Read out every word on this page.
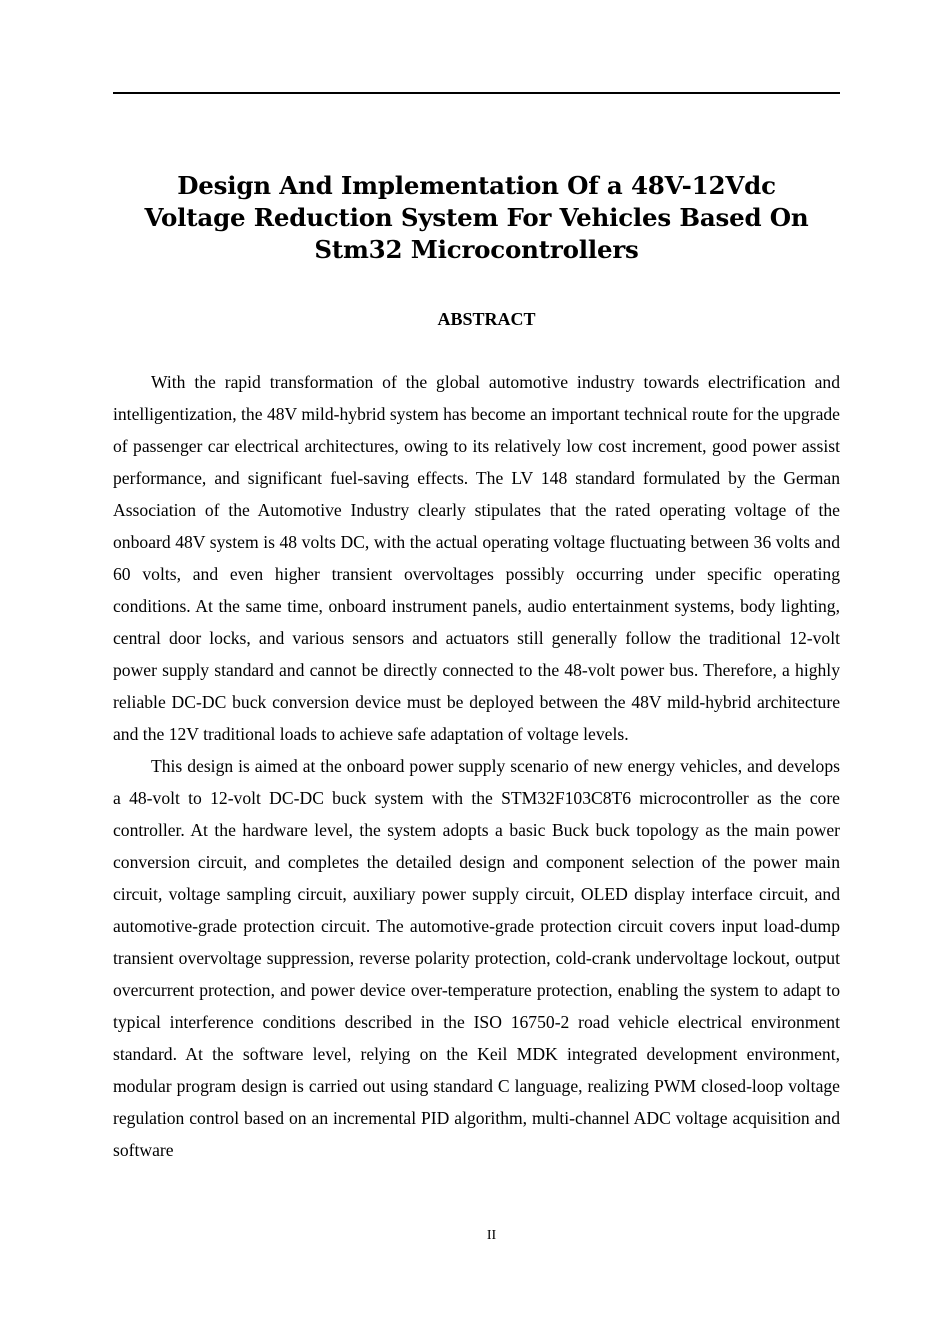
Design And Implementation Of a 48V-12Vdc Voltage Reduction System For Vehicles Based On Stm32 Microcontrollers
ABSTRACT

With the rapid transformation of the global automotive industry towards electrification and intelligentization, the 48V mild-hybrid system has become an important technical route for the upgrade of passenger car electrical architectures, owing to its relatively low cost increment, good power assist performance, and significant fuel-saving effects. The LV 148 standard formulated by the German Association of the Automotive Industry clearly stipulates that the rated operating voltage of the onboard 48V system is 48 volts DC, with the actual operating voltage fluctuating between 36 volts and 60 volts, and even higher transient overvoltages possibly occurring under specific operating conditions. At the same time, onboard instrument panels, audio entertainment systems, body lighting, central door locks, and various sensors and actuators still generally follow the traditional 12-volt power supply standard and cannot be directly connected to the 48-volt power bus. Therefore, a highly reliable DC-DC buck conversion device must be deployed between the 48V mild-hybrid architecture and the 12V traditional loads to achieve safe adaptation of voltage levels.

This design is aimed at the onboard power supply scenario of new energy vehicles, and develops a 48-volt to 12-volt DC-DC buck system with the STM32F103C8T6 microcontroller as the core controller. At the hardware level, the system adopts a basic Buck buck topology as the main power conversion circuit, and completes the detailed design and component selection of the power main circuit, voltage sampling circuit, auxiliary power supply circuit, OLED display interface circuit, and automotive-grade protection circuit. The automotive-grade protection circuit covers input load-dump transient overvoltage suppression, reverse polarity protection, cold-crank undervoltage lockout, output overcurrent protection, and power device over-temperature protection, enabling the system to adapt to typical interference conditions described in the ISO 16750-2 road vehicle electrical environment standard. At the software level, relying on the Keil MDK integrated development environment, modular program design is carried out using standard C language, realizing PWM closed-loop voltage regulation control based on an incremental PID algorithm, multi-channel ADC voltage acquisition and software

II
